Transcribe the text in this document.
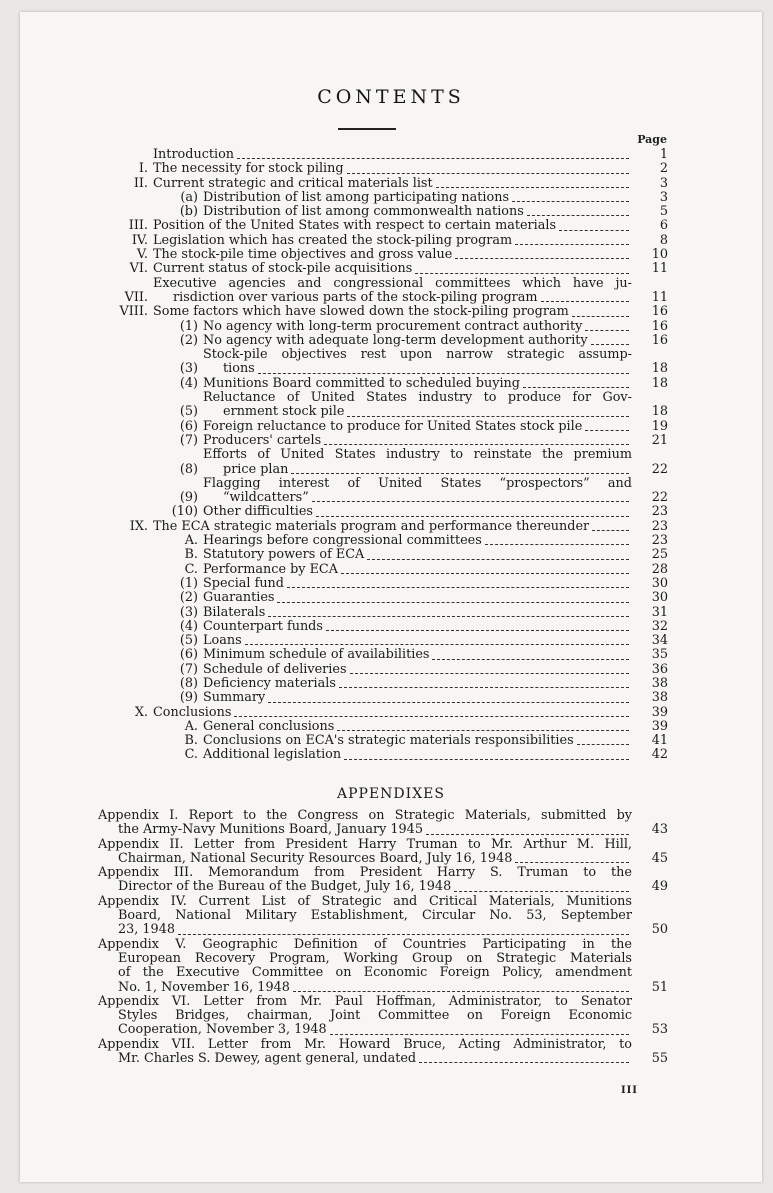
CONTENTS
Page
Introduction	1
I. The necessity for stock piling	2
II. Current strategic and critical materials list	3
(a) Distribution of list among participating nations	3
(b) Distribution of list among commonwealth nations	5
III. Position of the United States with respect to certain materials	6
IV. Legislation which has created the stock-piling program	8
V. The stock-pile time objectives and gross value	10
VI. Current status of stock-pile acquisitions	11
VII.
Executive agencies and congressional committees which have ju-
risdiction over various parts of the stock-piling program	11
VIII. Some factors which have slowed down the stock-piling program	16
(1) No agency with long-term procurement contract authority	16
(2) No agency with adequate long-term development authority	16
(3)
Stock-pile objectives rest upon narrow strategic assump-
tions	18
(4) Munitions Board committed to scheduled buying	18
(5)
Reluctance of United States industry to produce for Gov-
ernment stock pile	18
(6) Foreign reluctance to produce for United States stock pile	19
(7) Producers' cartels	21
(8)
Efforts of United States industry to reinstate the premium
price plan	22
(9)
Flagging interest of United States “prospectors” and
“wildcatters”	22
(10) Other difficulties	23
IX. The ECA strategic materials program and performance thereunder	23
A. Hearings before congressional committees	23
B. Statutory powers of ECA	25
C. Performance by ECA	28
(1) Special fund	30
(2) Guaranties	30
(3) Bilaterals	31
(4) Counterpart funds	32
(5) Loans	34
(6) Minimum schedule of availabilities	35
(7) Schedule of deliveries	36
(8) Deficiency materials	38
(9) Summary	38
X. Conclusions	39
A. General conclusions	39
B. Conclusions on ECA's strategic materials responsibilities	41
C. Additional legislation	42
APPENDIXES
Appendix I. Report to the Congress on Strategic Materials, submitted by
the Army-Navy Munitions Board, January 1945	43
Appendix II. Letter from President Harry Truman to Mr. Arthur M. Hill,
Chairman, National Security Resources Board, July 16, 1948	45
Appendix III. Memorandum from President Harry S. Truman to the
Director of the Bureau of the Budget, July 16, 1948	49
Appendix IV. Current List of Strategic and Critical Materials, Munitions
Board, National Military Establishment, Circular No. 53, September
23, 1948	50
Appendix V. Geographic Definition of Countries Participating in the
European Recovery Program, Working Group on Strategic Materials
of the Executive Committee on Economic Foreign Policy, amendment
No. 1, November 16, 1948	51
Appendix VI. Letter from Mr. Paul Hoffman, Administrator, to Senator
Styles Bridges, chairman, Joint Committee on Foreign Economic
Cooperation, November 3, 1948	53
Appendix VII. Letter from Mr. Howard Bruce, Acting Administrator, to
Mr. Charles S. Dewey, agent general, undated	55
III
